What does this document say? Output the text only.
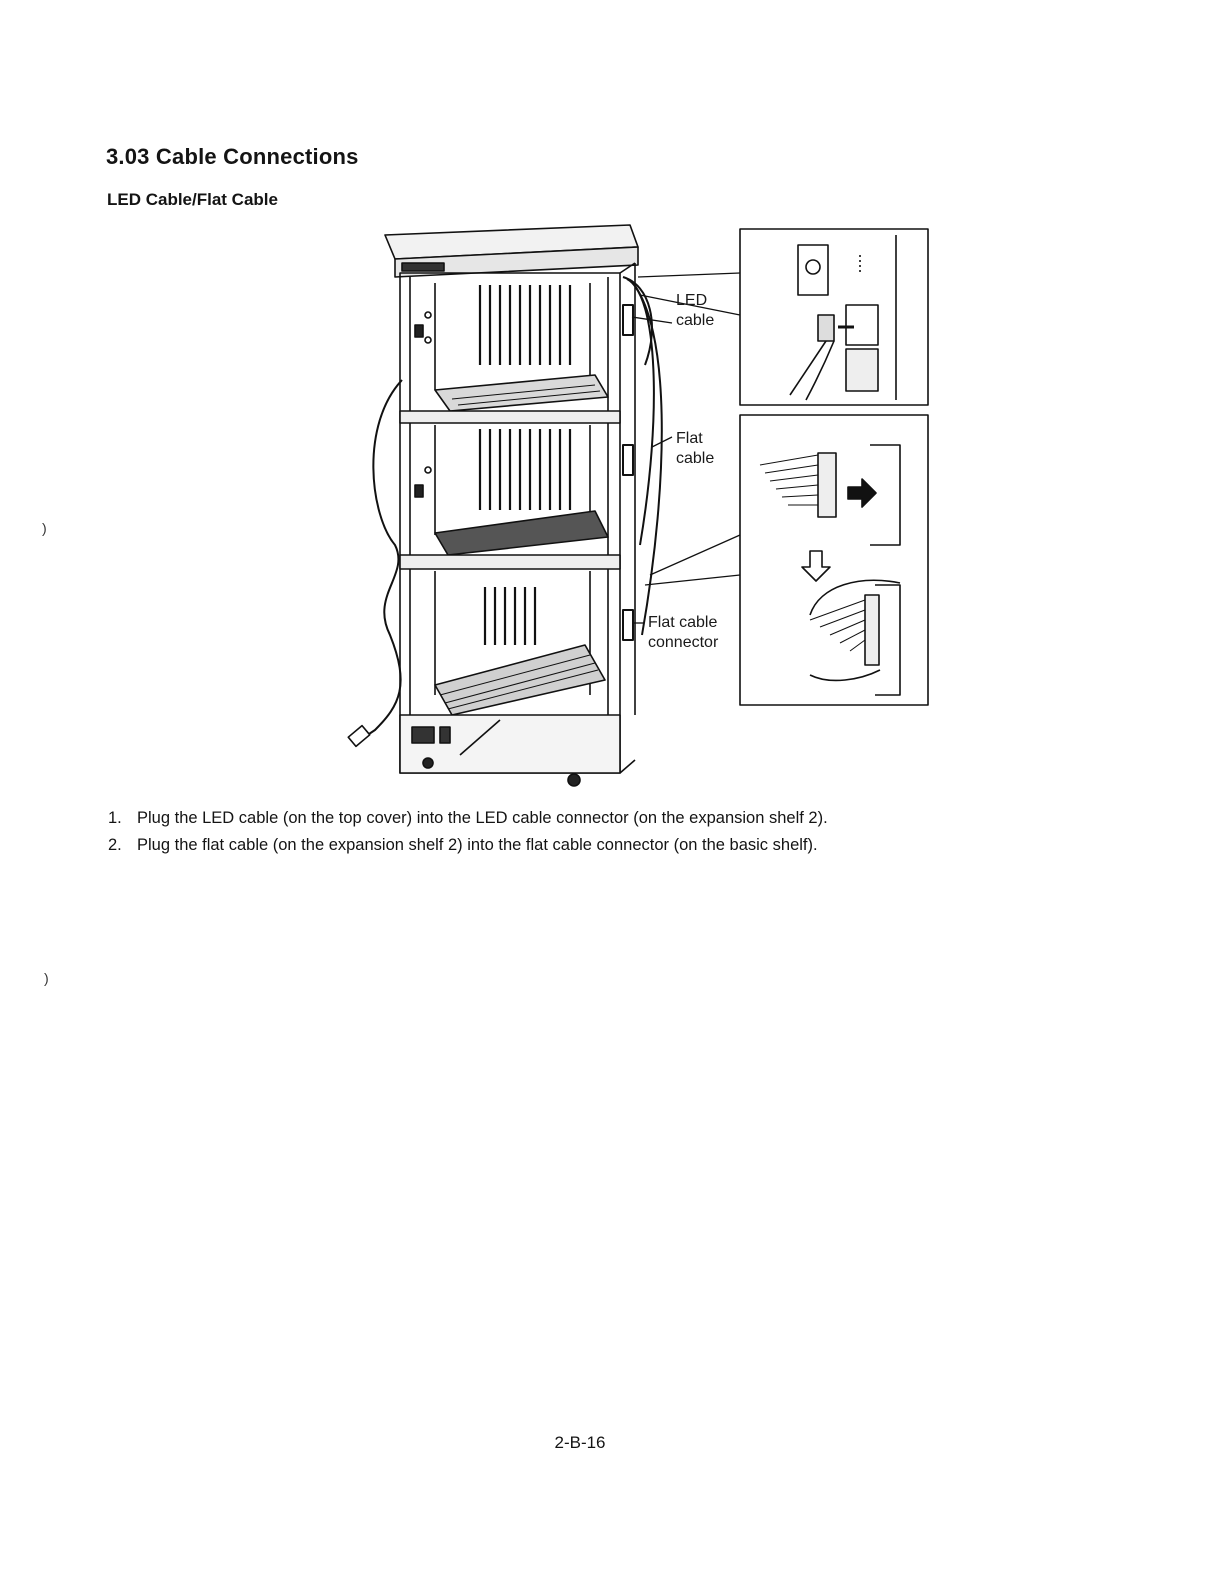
3.03 Cable Connections
LED Cable/Flat Cable

LED
cable

Flat
cable

Flat cable
connector

1. Plug the LED cable (on the top cover) into the LED cable connector (on the expansion shelf 2).
2. Plug the flat cable (on the expansion shelf 2) into the flat cable connector (on the basic shelf).

2-B-16

)
)
